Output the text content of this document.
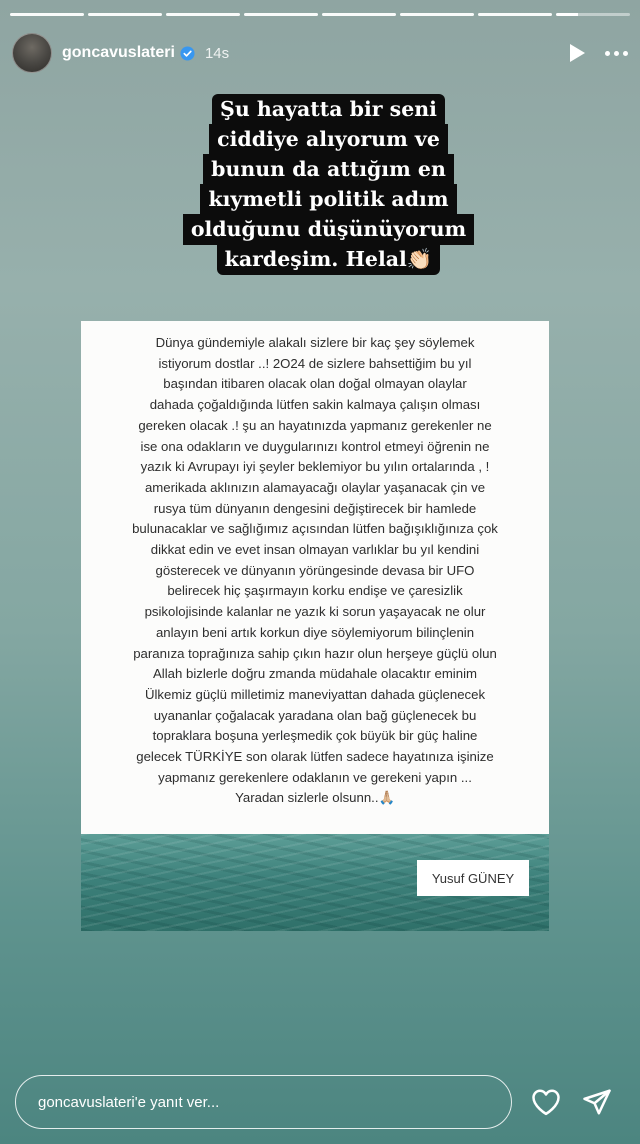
goncavuslateri 14s
Şu hayatta bir seni
ciddiye alıyorum ve
bunun da attığım en
kıymetli politik adım
olduğunu düşünüyorum
kardeşim. Helal👏🏻
Dünya gündemiyle alakalı sizlere bir kaç şey söylemek
istiyorum dostlar ..! 2O24 de sizlere bahsettiğim bu yıl
başından itibaren olacak olan doğal olmayan olaylar
dahada çoğaldığında lütfen sakin kalmaya çalışın olması
gereken olacak .! şu an hayatınızda yapmanız gerekenler ne
ise ona odakların ve duygularınızı kontrol etmeyi öğrenin ne
yazık ki Avrupayı iyi şeyler beklemiyor bu yılın ortalarında , !
amerikada aklınızın alamayacağı olaylar yaşanacak çin ve
rusya tüm dünyanın dengesini değiştirecek bir hamlede
bulunacaklar ve sağlığımız açısından lütfen bağışıklığınıza çok
dikkat edin ve evet insan olmayan varlıklar bu yıl kendini
gösterecek ve dünyanın yörüngesinde devasa bir UFO
belirecek hiç şaşırmayın korku endişe ve çaresizlik
psikolojisinde kalanlar ne yazık ki sorun yaşayacak ne olur
anlayın beni artık korkun diye söylemiyorum bilinçlenin
paranıza toprağınıza sahip çıkın hazır olun herşeye güçlü olun
Allah bizlerle doğru zmanda müdahale olacaktır eminim
Ülkemiz güçlü milletimiz maneviyattan dahada güçlenecek
uyananlar çoğalacak yaradana olan bağ güçlenecek bu
topraklara boşuna yerleşmedik çok büyük bir güç haline
gelecek TÜRKİYE son olarak lütfen sadece hayatınıza işinize
yapmanız gerekenlere odaklanın ve gerekeni yapın ...
Yaradan sizlerle olsunn..🙏🏼
Yusuf GÜNEY
goncavuslateri'e yanıt ver...
